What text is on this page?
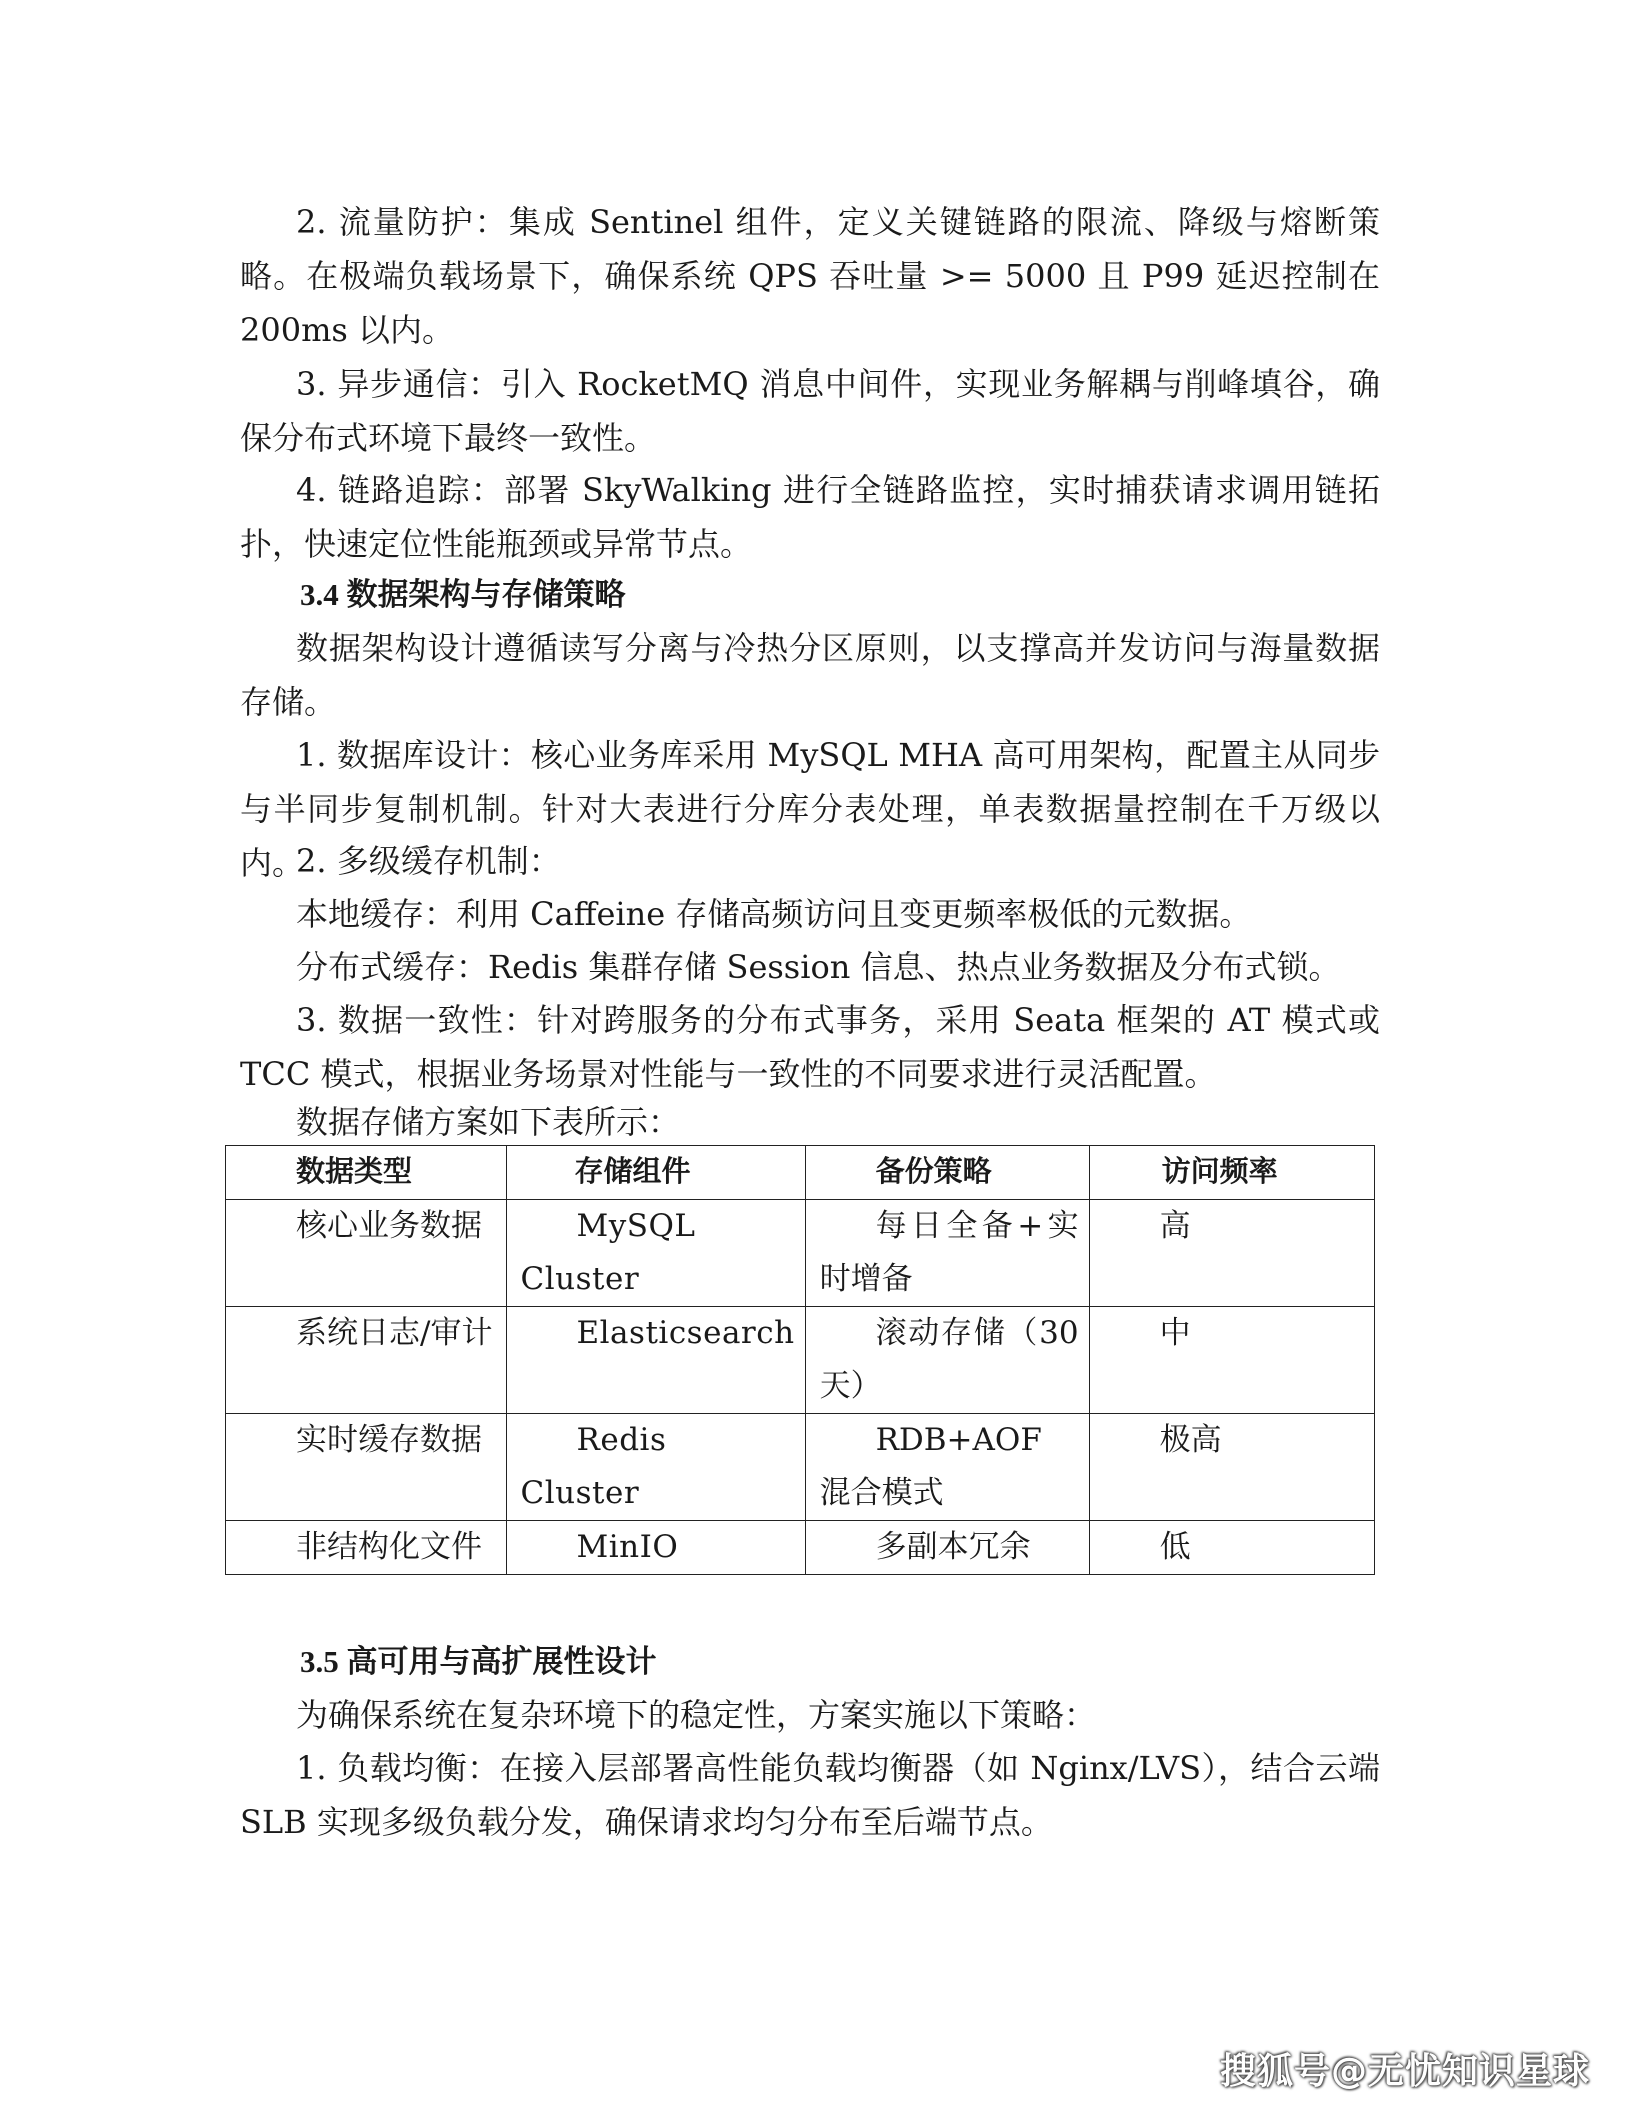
2. 流量防护：集成 Sentinel 组件，定义关键链路的限流、降级与熔断策略。在极端负载场景下，确保系统 QPS 吞吐量 >= 5000 且 P99 延迟控制在 200ms 以内。

3. 异步通信：引入 RocketMQ 消息中间件，实现业务解耦与削峰填谷，确保分布式环境下最终一致性。

4. 链路追踪：部署 SkyWalking 进行全链路监控，实时捕获请求调用链拓扑，快速定位性能瓶颈或异常节点。

3.4 数据架构与存储策略

数据架构设计遵循读写分离与冷热分区原则，以支撑高并发访问与海量数据存储。

1. 数据库设计：核心业务库采用 MySQL MHA 高可用架构，配置主从同步与半同步复制机制。针对大表进行分库分表处理，单表数据量控制在千万级以内。

2. 多级缓存机制：

本地缓存：利用 Caffeine 存储高频访问且变更频率极低的元数据。

分布式缓存：Redis 集群存储 Session 信息、热点业务数据及分布式锁。

3. 数据一致性：针对跨服务的分布式事务，采用 Seata 框架的 AT 模式或 TCC 模式，根据业务场景对性能与一致性的不同要求进行灵活配置。

数据存储方案如下表所示：

数据类型	存储组件	备份策略	访问频率
核心业务数据	MySQL Cluster	每日全备+实时增备	高
系统日志/审计	Elasticsearch	滚动存储（30天）	中
实时缓存数据	Redis Cluster	RDB+AOF 混合模式	极高
非结构化文件	MinIO	多副本冗余	低
3.5 高可用与高扩展性设计

为确保系统在复杂环境下的稳定性，方案实施以下策略：

1. 负载均衡：在接入层部署高性能负载均衡器（如 Nginx/LVS），结合云端 SLB 实现多级负载分发，确保请求均匀分布至后端节点。

搜狐号@无忧知识星球
